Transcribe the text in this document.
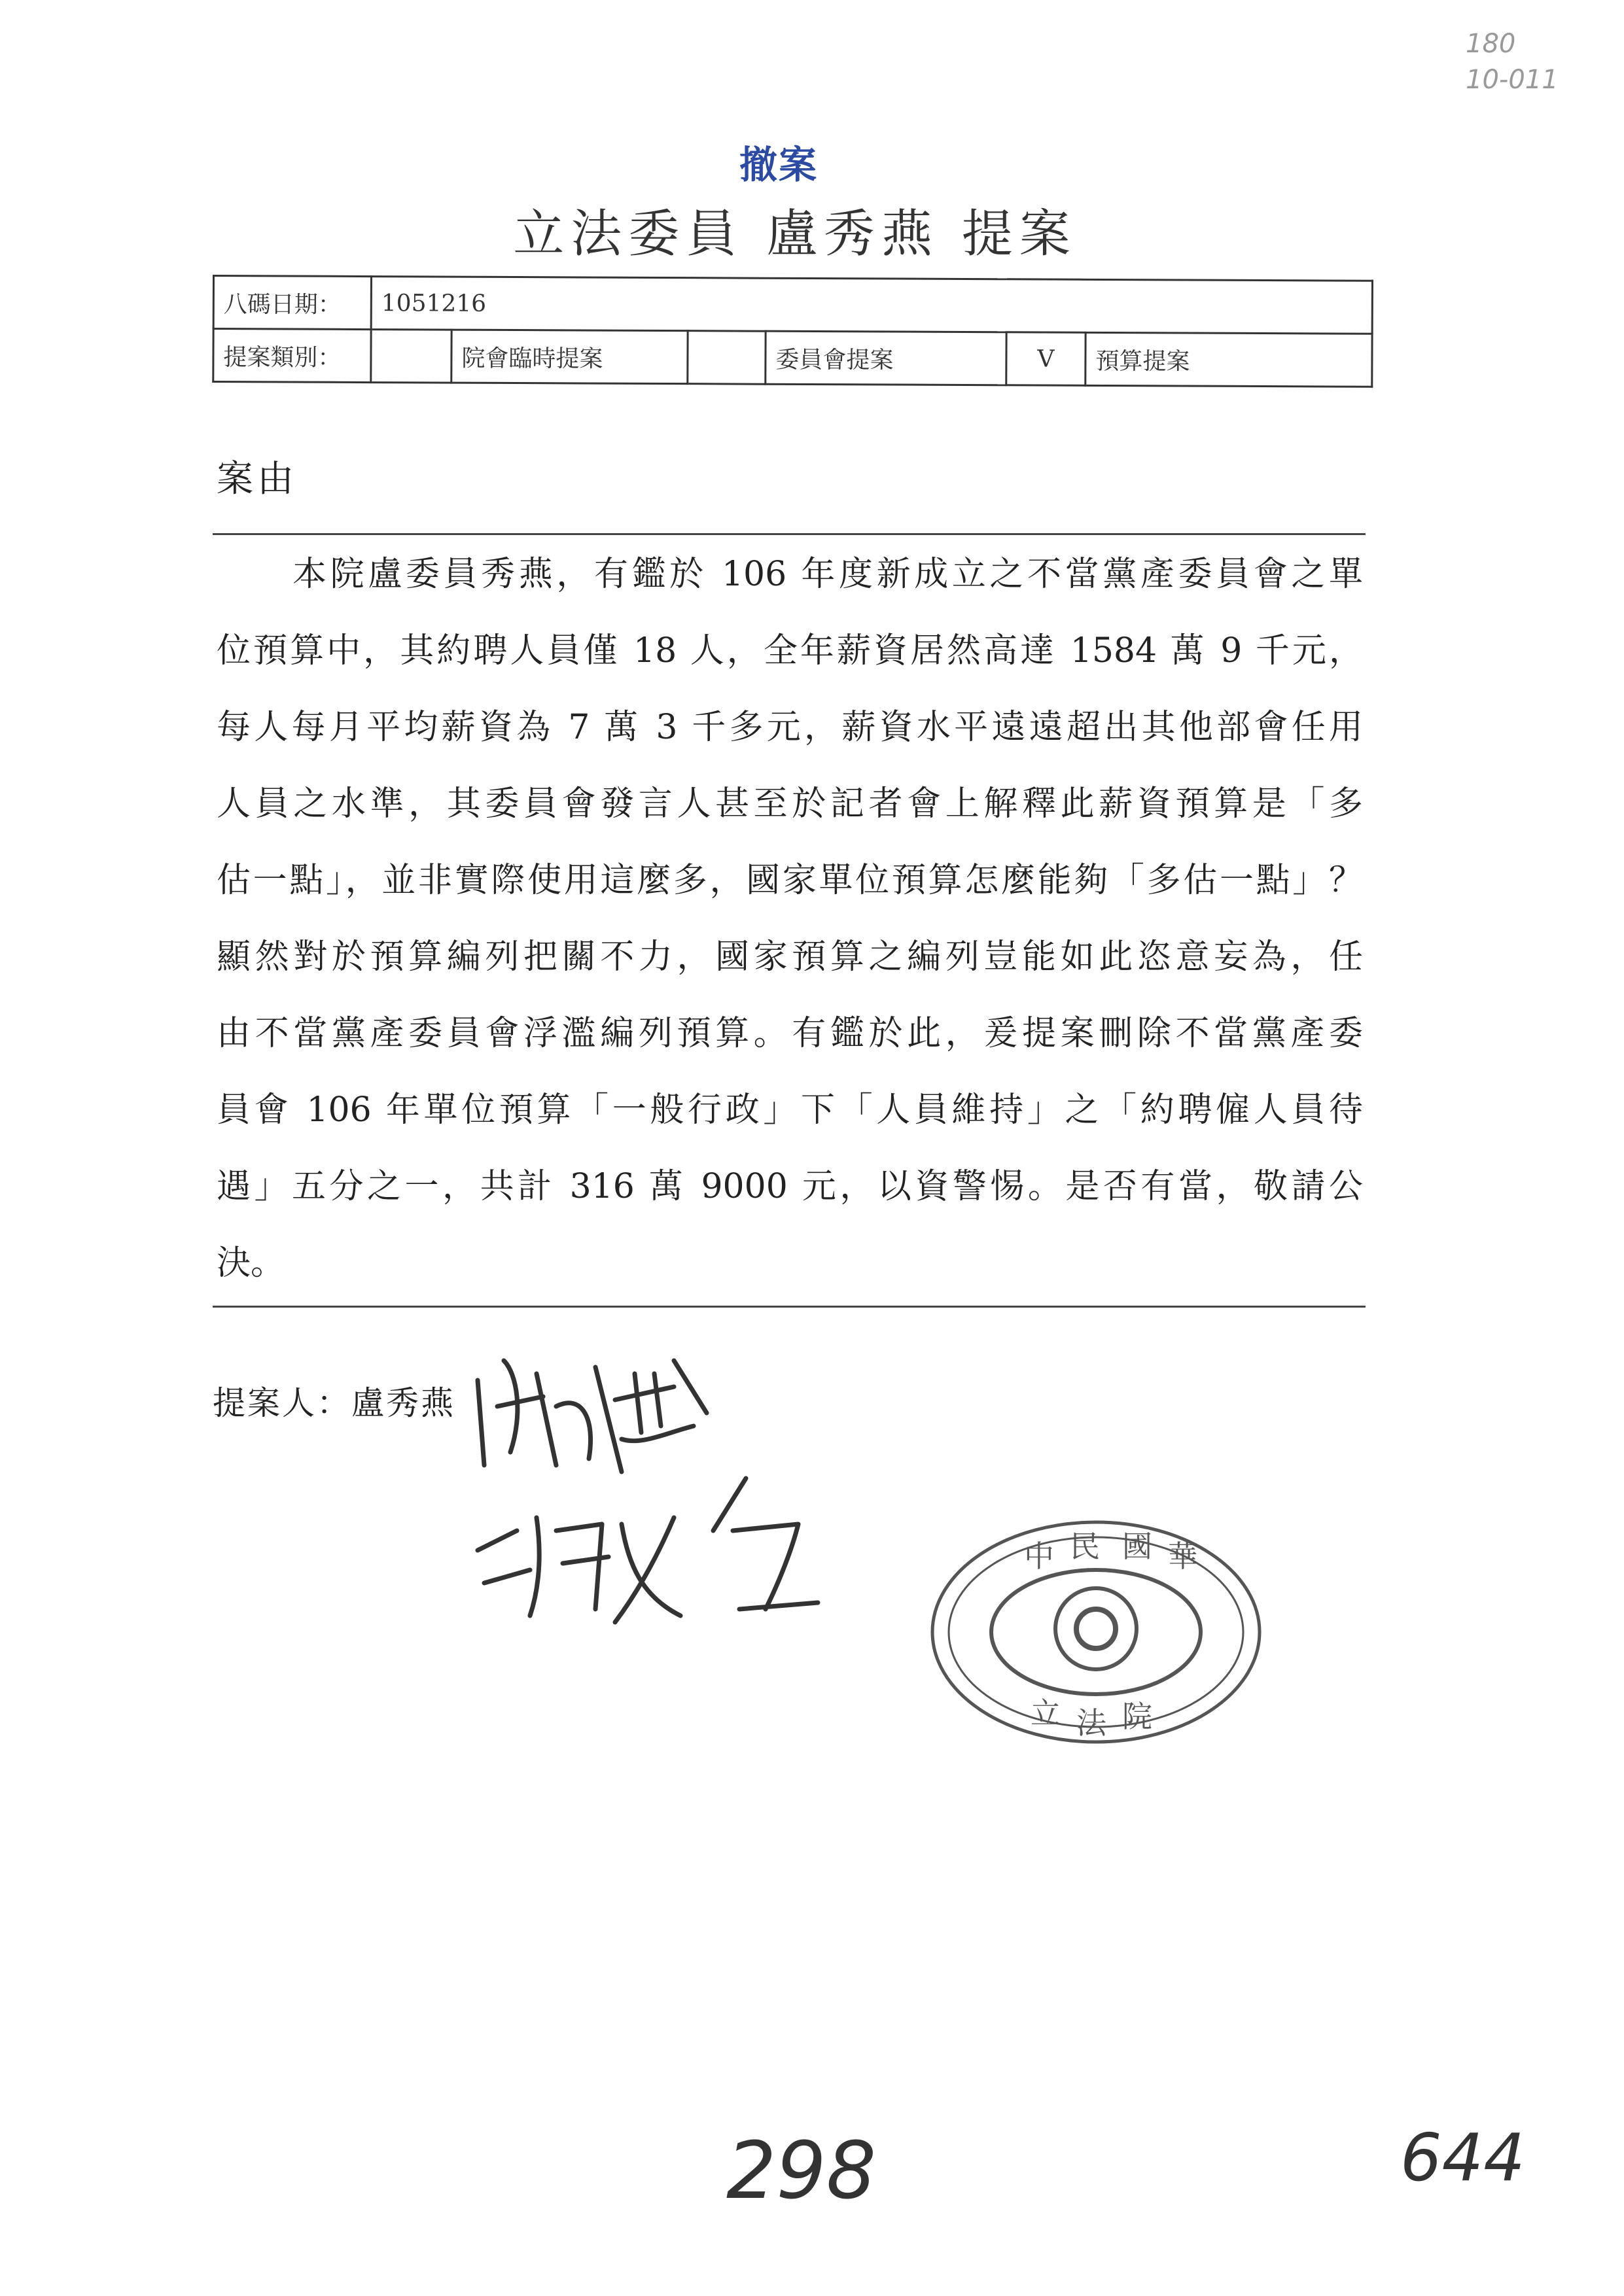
180
10-011
撤案
立法委員 盧秀燕 提案
八碼日期：	1051216					
提案類別：		院會臨時提案		委員會提案	V	預算提案
案由
本院盧委員秀燕，有鑑於 106 年度新成立之不當黨產委員會之單
位預算中，其約聘人員僅 18 人，全年薪資居然高達 1584 萬 9 千元，
每人每月平均薪資為 7 萬 3 千多元，薪資水平遠遠超出其他部會任用
人員之水準，其委員會發言人甚至於記者會上解釋此薪資預算是「多
估一點」，並非實際使用這麼多，國家單位預算怎麼能夠「多估一點」？
顯然對於預算編列把關不力，國家預算之編列豈能如此恣意妄為，任
由不當黨產委員會浮濫編列預算。有鑑於此，爰提案刪除不當黨產委
員會 106 年單位預算「一般行政」下「人員維持」之「約聘僱人員待
遇」五分之一，共計 316 萬 9000 元，以資警惕。是否有當，敬請公
決。
提案人：盧秀燕
中 民 國 華
立 法 院
298	644
